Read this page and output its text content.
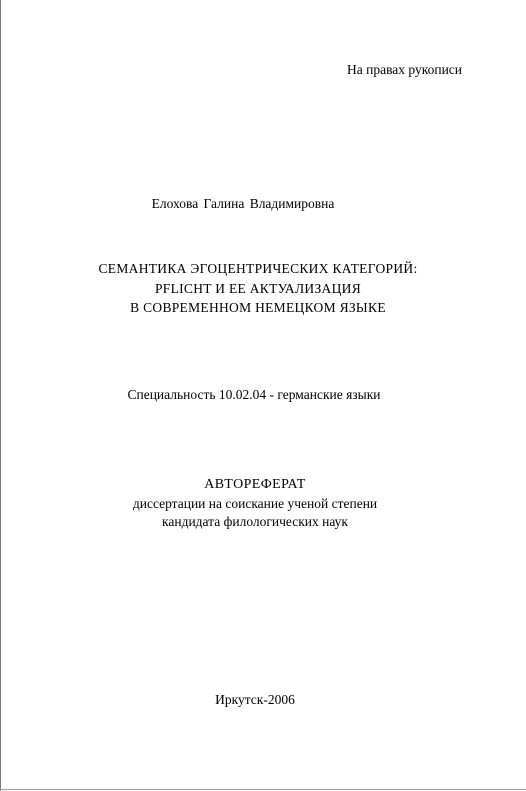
На правах рукописи
Елохова Галина Владимировна
СЕМАНТИКА ЭГОЦЕНТРИЧЕСКИХ КАТЕГОРИЙ:
PFLICHT И ЕЕ АКТУАЛИЗАЦИЯ
В СОВРЕМЕННОМ НЕМЕЦКОМ ЯЗЫКЕ
Специальность 10.02.04 - германские языки
АВТОРЕФЕРАТ
диссертации на соискание ученой степени
кандидата филологических наук
Иркутск-2006
